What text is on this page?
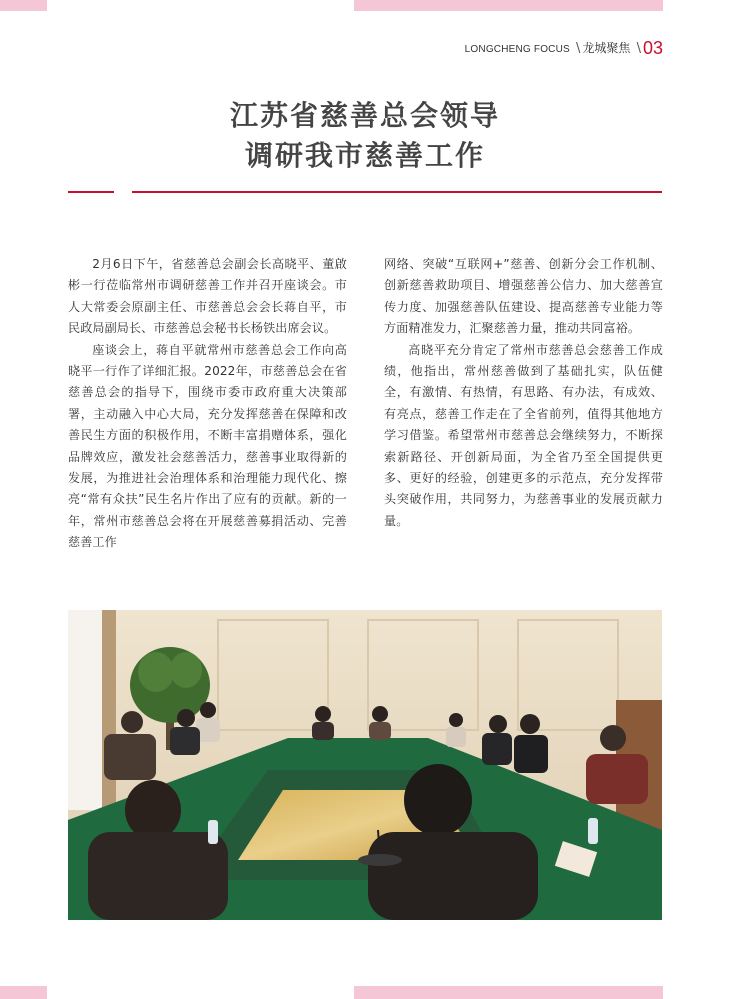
LONGCHENG FOCUS \ 龙城聚焦 \ 03
江苏省慈善总会领导
调研我市慈善工作

2月6日下午，省慈善总会副会长高晓平、董啟彬一行莅临常州市调研慈善工作并召开座谈会。市人大常委会原副主任、市慈善总会会长蒋自平，市民政局副局长、市慈善总会秘书长杨铁出席会议。

座谈会上，蒋自平就常州市慈善总会工作向高晓平一行作了详细汇报。2022年，市慈善总会在省慈善总会的指导下，围绕市委市政府重大决策部署，主动融入中心大局，充分发挥慈善在保障和改善民生方面的积极作用，不断丰富捐赠体系，强化品牌效应，激发社会慈善活力，慈善事业取得新的发展，为推进社会治理体系和治理能力现代化、擦亮“常有众扶”民生名片作出了应有的贡献。新的一年，常州市慈善总会将在开展慈善募捐活动、完善慈善工作

网络、突破“互联网+”慈善、创新分会工作机制、创新慈善救助项目、增强慈善公信力、加大慈善宣传力度、加强慈善队伍建设、提高慈善专业能力等方面精准发力，汇聚慈善力量，推动共同富裕。

高晓平充分肯定了常州市慈善总会慈善工作成绩，他指出，常州慈善做到了基础扎实，队伍健全，有激情、有热情，有思路、有办法，有成效、有亮点，慈善工作走在了全省前列，值得其他地方学习借鉴。希望常州市慈善总会继续努力，不断探索新路径、开创新局面，为全省乃至全国提供更多、更好的经验，创建更多的示范点，充分发挥带头突破作用，共同努力，为慈善事业的发展贡献力量。
